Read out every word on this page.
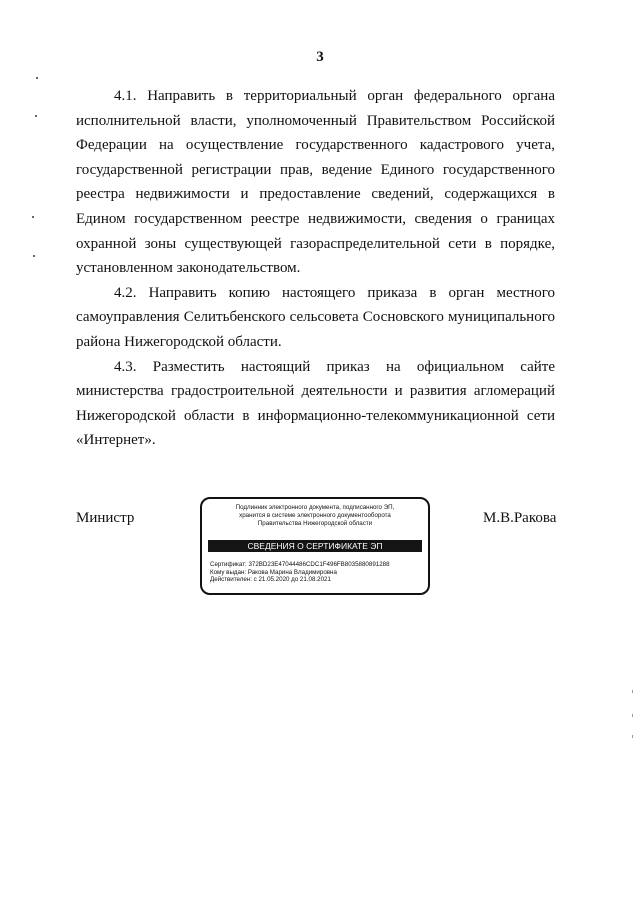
3

4.1. Направить в территориальный орган федерального органа исполнительной власти, уполномоченный Правительством Российской Федерации на осуществление государственного кадастрового учета, государственной регистрации прав, ведение Единого государственного реестра недвижимости и предоставление сведений, содержащихся в Едином государственном реестре недвижимости, сведения о границах охранной зоны существующей газораспределительной сети в порядке, установленном законодательством.

4.2. Направить копию настоящего приказа в орган местного самоуправления Селитьбенского сельсовета Сосновского муниципального района Нижегородской области.

4.3. Разместить настоящий приказ на официальном сайте министерства градостроительной деятельности и развития агломераций Нижегородской области в информационно-телекоммуникационной сети «Интернет».

Министр
Подлинник электронного документа, подписанного ЭП,
хранится в системе электронного документооборота
Правительства Нижегородской области
СВЕДЕНИЯ О СЕРТИФИКАТЕ ЭП
Сертификат: 372BD23E47044486CDC1F496FB8035880891288
Кому выдан: Ракова Марина Владимировна
Действителен: с 21.05.2020 до 21.08.2021
М.В.Ракова
